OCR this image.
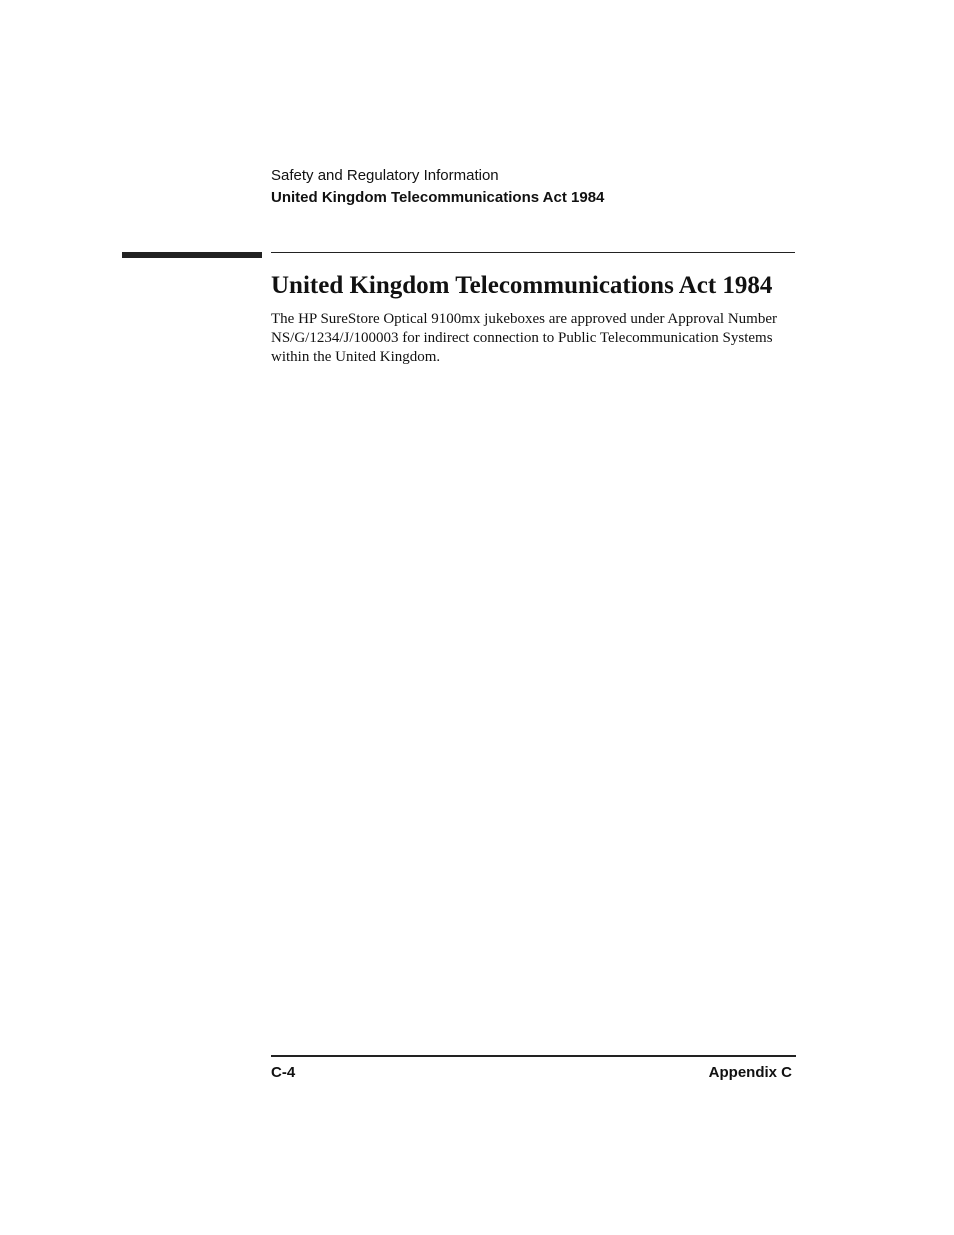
Safety and Regulatory Information
United Kingdom Telecommunications Act 1984
United Kingdom Telecommunications Act 1984

The HP SureStore Optical 9100mx jukeboxes are approved under Approval Number NS/G/1234/J/100003 for indirect connection to Public Telecommunication Systems within the United Kingdom.

C-4	Appendix C
